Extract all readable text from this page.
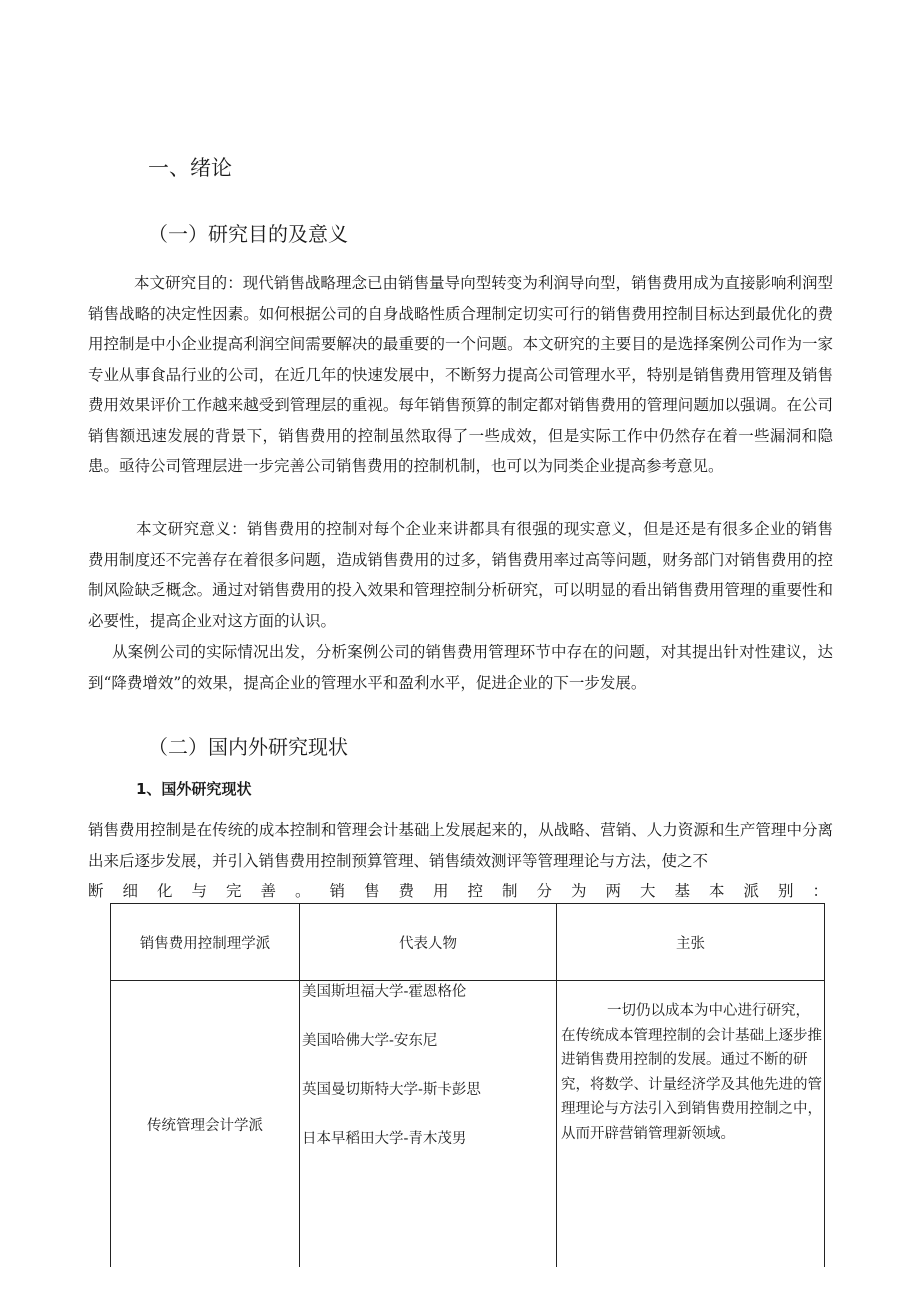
一、绪论
（一）研究目的及意义

本文研究目的：现代销售战略理念已由销售量导向型转变为利润导向型，销售费用成为直接影响利润型销售战略的决定性因素。如何根据公司的自身战略性质合理制定切实可行的销售费用控制目标达到最优化的费用控制是中小企业提高利润空间需要解决的最重要的一个问题。本文研究的主要目的是选择案例公司作为一家专业从事食品行业的公司，在近几年的快速发展中，不断努力提高公司管理水平，特别是销售费用管理及销售费用效果评价工作越来越受到管理层的重视。每年销售预算的制定都对销售费用的管理问题加以强调。在公司销售额迅速发展的背景下，销售费用的控制虽然取得了一些成效，但是实际工作中仍然存在着一些漏洞和隐患。亟待公司管理层进一步完善公司销售费用的控制机制，也可以为同类企业提高参考意见。

本文研究意义：销售费用的控制对每个企业来讲都具有很强的现实意义，但是还是有很多企业的销售费用制度还不完善存在着很多问题，造成销售费用的过多，销售费用率过高等问题，财务部门对销售费用的控制风险缺乏概念。通过对销售费用的投入效果和管理控制分析研究，可以明显的看出销售费用管理的重要性和必要性，提高企业对这方面的认识。

从案例公司的实际情况出发，分析案例公司的销售费用管理环节中存在的问题，对其提出针对性建议，达到“降费增效”的效果，提高企业的管理水平和盈利水平，促进企业的下一步发展。

（二）国内外研究现状
1、国外研究现状

销售费用控制是在传统的成本控制和管理会计基础上发展起来的，从战略、营销、人力资源和生产管理中分离出来后逐步发展，并引入销售费用控制预算管理、销售绩效测评等管理理论与方法，使之不

断细化与完善。销售费用控制分为两大基本派别：
销售费用控制理学派	代表人物	主张
传统管理会计学派	美国斯坦福大学-霍恩格伦
美国哈佛大学-安东尼
英国曼切斯特大学-斯卡彭思
日本早稻田大学-青木茂男	一切仍以成本为中心进行研究，在传统成本管理控制的会计基础上逐步推进销售费用控制的发展。通过不断的研究，将数学、计量经济学及其他先进的管理理论与方法引入到销售费用控制之中，从而开辟营销管理新领域。
